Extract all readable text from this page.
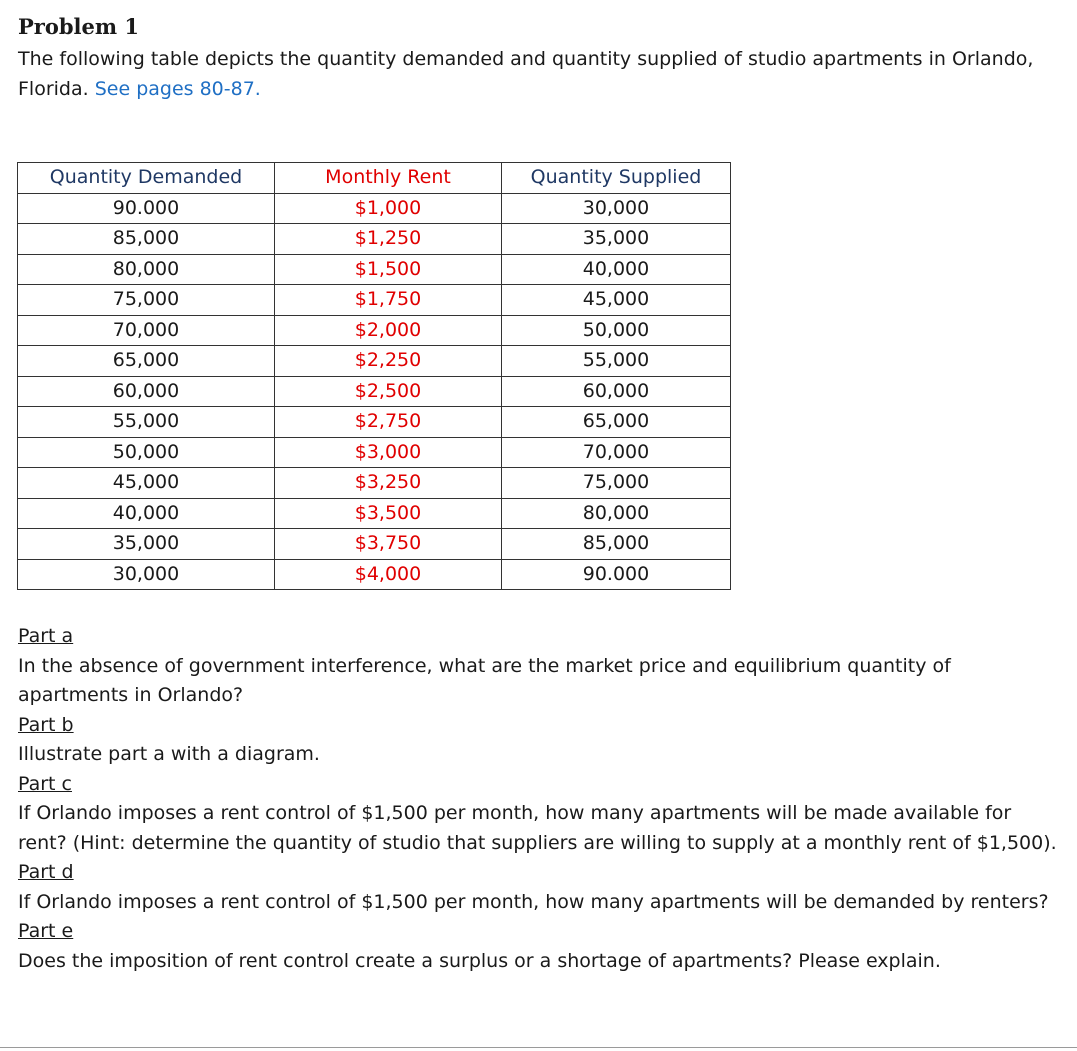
Problem 1

The following table depicts the quantity demanded and quantity supplied of studio apartments in Orlando, Florida. See pages 80-87.

Quantity Demanded	Monthly Rent	Quantity Supplied
90.000	$1,000	30,000
85,000	$1,250	35,000
80,000	$1,500	40,000
75,000	$1,750	45,000
70,000	$2,000	50,000
65,000	$2,250	55,000
60,000	$2,500	60,000
55,000	$2,750	65,000
50,000	$3,000	70,000
45,000	$3,250	75,000
40,000	$3,500	80,000
35,000	$3,750	85,000
30,000	$4,000	90.000

Part a

In the absence of government interference, what are the market price and equilibrium quantity of apartments in Orlando?

Part b

Illustrate part a with a diagram.

Part c

If Orlando imposes a rent control of $1,500 per month, how many apartments will be made available for rent? (Hint: determine the quantity of studio that suppliers are willing to supply at a monthly rent of $1,500).

Part d

If Orlando imposes a rent control of $1,500 per month, how many apartments will be demanded by renters?

Part e

Does the imposition of rent control create a surplus or a shortage of apartments? Please explain.
